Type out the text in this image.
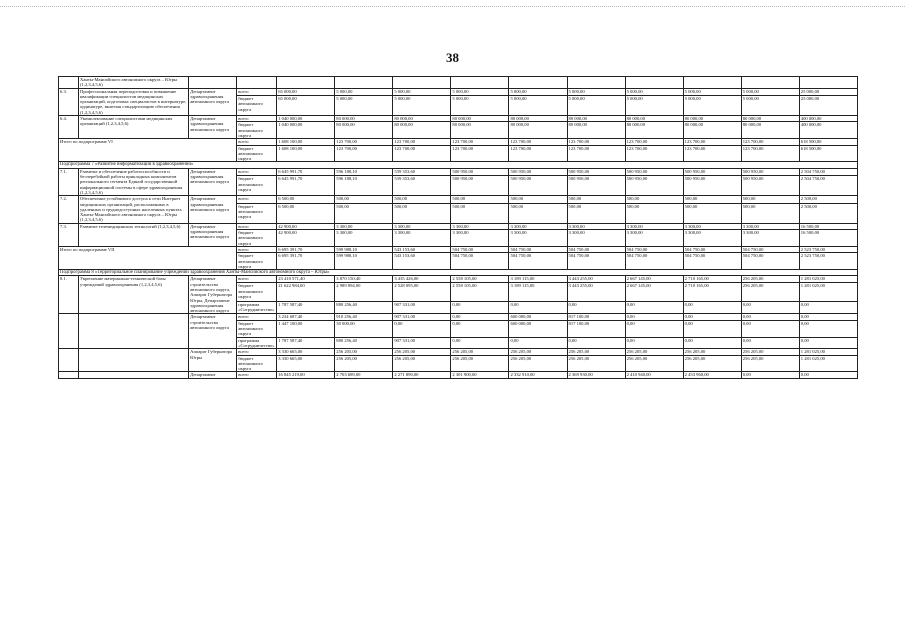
38
	Ханты-Мансийского автономного округа – Югры (1,2,3,4,5,6)												
6.3.	Профессиональная переподготовка и повышение квалификации специалистов медицинских организаций, подготовка специалистов в интернатуре, ординатуре, включая стандартизацию обеспечения (1,2,3,4,5,6)	Департамент здравоохранения автономного округа	всего	65 000,00	5 000,00	5 000,00	5 000,00	5 000,00	5 000,00	5 000,00	5 000,00	5 000,00	25 000,00
			бюджет автономного округа	65 000,00	5 000,00	5 000,00	5 000,00	5 000,00	5 000,00	5 000,00	5 000,00	5 000,00	25 000,00
6.4.	Укомплектование специалистами медицинских организаций (1,2,3,4,5,6)	Департамент здравоохранения автономного округа	всего	1 040 000,00	80 000,00	80 000,00	80 000,00	80 000,00	80 000,00	80 000,00	80 000,00	80 000,00	400 000,00
			бюджет автономного округа	1 040 000,00	80 000,00	80 000,00	80 000,00	80 000,00	80 000,00	80 000,00	80 000,00	80 000,00	400 000,00
Итого по подпрограмме VI			всего	1 608 100,00	123 700,00	123 700,00	123 700,00	123 700,00	123 700,00	123 700,00	123 700,00	123 700,00	618 500,00
			бюджет автономного округа	1 608 100,00	123 700,00	123 700,00	123 700,00	123 700,00	123 700,00	123 700,00	123 700,00	123 700,00	618 500,00
Подпрограмма 7 «Развитие информатизации в здравоохранении»													
7.1.	Развитие и обеспечение работоспособности и бесперебойной работы прикладных компонентов регионального сегмента Единой государственной информационной системы в сфере здравоохранения (1,2,3,4,5,6)	Департамент здравоохранения автономного округа	всего	6 645 991,70	596 188,10	539 353,60	500 950,00	500 950,00	500 950,00	500 950,00	500 950,00	500 950,00	2 504 750,00
			бюджет автономного округа	6 645 991,70	596 188,10	539 353,60	500 950,00	500 950,00	500 950,00	500 950,00	500 950,00	500 950,00	2 504 750,00
7.2.	Обеспечение устойчивого доступа к сети Интернет медицинских организаций, расположенных в удаленных и труднодоступных населенных пунктах Ханты-Мансийского автономного округа – Югры (1,2,3,4,5,6)	Департамент здравоохранения автономного округа	всего	6 500,00	500,00	500,00	500,00	500,00	500,00	500,00	500,00	500,00	2 500,00
			бюджет автономного округа	6 500,00	500,00	500,00	500,00	500,00	500,00	500,00	500,00	500,00	2 500,00
7.3.	Развитие телемедицинских технологий (1,2,3,4,5,6)	Департамент здравоохранения автономного округа	всего	42 900,00	3 300,00	3 300,00	3 300,00	3 300,00	3 300,00	3 300,00	3 300,00	3 300,00	16 500,00
			бюджет автономного округа	42 900,00	3 300,00	3 300,00	3 300,00	3 300,00	3 300,00	3 300,00	3 300,00	3 300,00	16 500,00
Итого по подпрограмме VII			всего	6 695 391,70	599 988,10	543 153,60	504 750,00	504 750,00	504 750,00	504 750,00	504 750,00	504 750,00	2 523 750,00
			бюджет автономного округа	6 695 391,70	599 988,10	543 153,60	504 750,00	504 750,00	504 750,00	504 750,00	504 750,00	504 750,00	2 523 750,00
Подпрограмма 8 «Территориальное планирование учреждений здравоохранения Ханты-Мансийского автономного округа – Югры»													
8.1.	Укрепление материально-технической базы учреждений здравоохранения (1,2,3,4,5,6)	Департамент строительства автономного округа, Аппарат Губернатора Югры, Департамент здравоохранения автономного округа	всего	23 410 571,40	3 870 150,40	3 435 426,00	2 558 105,00	3 189 115,00	3 443 255,00	2 667 145,00	2 710 165,00	256 205,00	1 281 025,00
			бюджет автономного округа	21 622 984,00	2 989 894,00	2 528 095,00	2 558 105,00	3 189 115,00	3 443 255,00	2 667 145,00	2 710 165,00	256 205,00	1 281 025,00
			программа «Сотрудничество»	1 787 587,40	880 256,40	907 331,00	0,00	0,00	0,00	0,00	0,00	0,00	0,00
		Департамент строительства автономного округа	всего	3 234 687,40	910 256,40	907 331,00	0,00	600 000,00	817 100,00	0,00	0,00	0,00	0,00
			бюджет автономного округа	1 447 100,00	30 000,00	0,00	0,00	600 000,00	817 100,00	0,00	0,00	0,00	0,00
			программа «Сотрудничество»	1 787 587,40	880 256,40	907 331,00	0,00	0,00	0,00	0,00	0,00	0,00	0,00
		Аппарат Губернатора Югры	всего	3 330 665,00	256 205,00	256 205,00	256 205,00	256 205,00	256 205,00	256 205,00	256 205,00	256 205,00	1 281 025,00
			бюджет автономного округа	3 330 665,00	256 205,00	256 205,00	256 205,00	256 205,00	256 205,00	256 205,00	256 205,00	256 205,00	1 281 025,00
		Департамент	всего	16 845 219,00	2 703 689,00	2 271 890,00	2 301 900,00	2 332 910,00	2 369 930,00	2 410 940,00	2 453 960,00	0,00	0,00
